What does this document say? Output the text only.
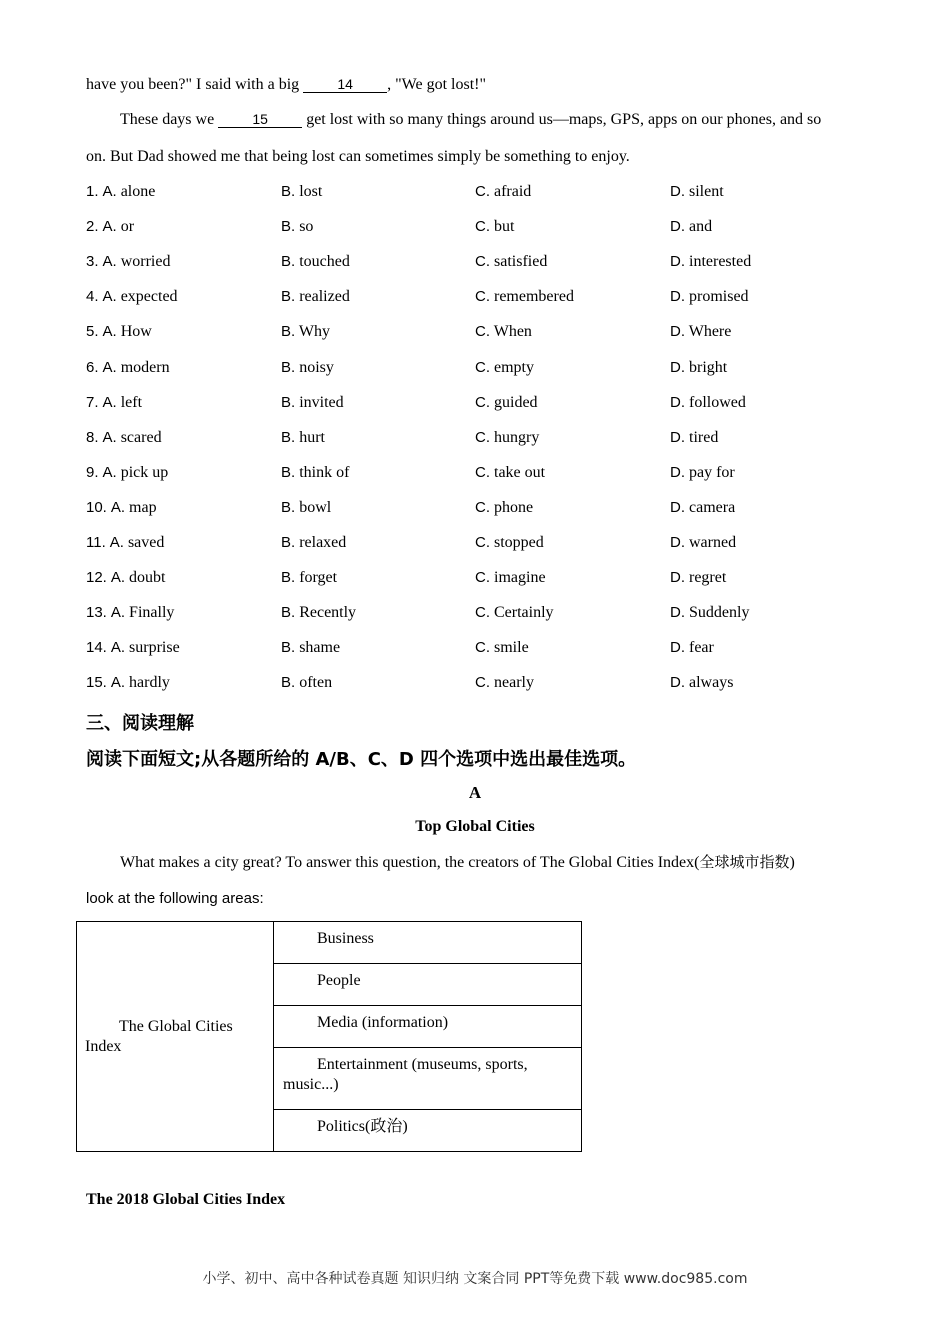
have you been?" I said with a big 14 , "We got lost!"
These days we 15 get lost with so many things around us—maps, GPS, apps on our phones, and so
on. But Dad showed me that being lost can sometimes simply be something to enjoy.
1. A. alone	B. lost	C. afraid	D. silent
2. A. or	B. so	C. but	D. and
3. A. worried	B. touched	C. satisfied	D. interested
4. A. expected	B. realized	C. remembered	D. promised
5. A. How	B. Why	C. When	D. Where
6. A. modern	B. noisy	C. empty	D. bright
7. A. left	B. invited	C. guided	D. followed
8. A. scared	B. hurt	C. hungry	D. tired
9. A. pick up	B. think of	C. take out	D. pay for
10. A. map	B. bowl	C. phone	D. camera
11. A. saved	B. relaxed	C. stopped	D. warned
12. A. doubt	B. forget	C. imagine	D. regret
13. A. Finally	B. Recently	C. Certainly	D. Suddenly
14. A. surprise	B. shame	C. smile	D. fear
15. A. hardly	B. often	C. nearly	D. always
三、阅读理解
阅读下面短文;从各题所给的 A/B、C、D 四个选项中选出最佳选项。
A
Top Global Cities
What makes a city great? To answer this question, the creators of The Global Cities Index(全球城市指数)
look at the following areas:
The Global Cities Index
	Business
People
Media (information)
Entertainment (museums, sports, music...)
Politics(政治)
The 2018 Global Cities Index
小学、初中、高中各种试卷真题 知识归纳 文案合同 PPT等免费下载 www.doc985.com
